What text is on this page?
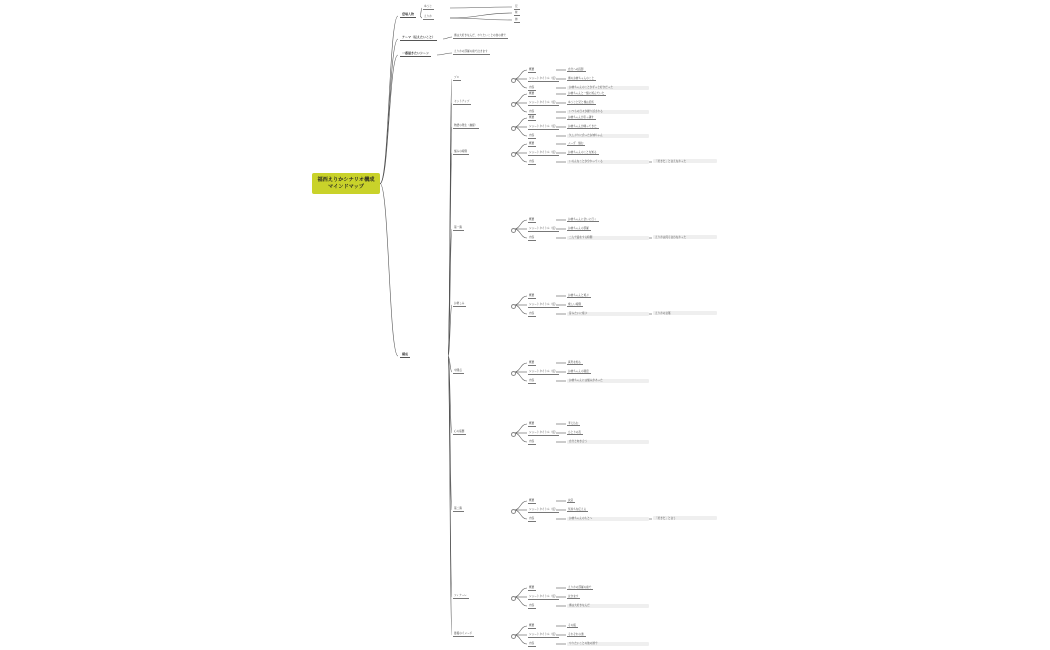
福西えりかシナリオ構成マインドマップ
登場人物
テーマ（伝えたいこと）
一番描きたいシーン
構成
ゆうじ
えりか
兄
妹
姉
僕は大好きなんだ、やりたいことの他の道で
えりかの部屋の前で泣きます
プロ
-
概要	自分への投影
ショートタイトル（仮）	僕のお姉ちゃんのこと
内容	お姉ちゃんのことがずっと好きだった
セットアップ
-
概要	お姉ちゃんと一緒に遊んでいた
ショートタイトル（仮）	ゆうじと兄と僕は近所
内容	いつもの日々が繰り返される
物語の発生（触媒）
-
概要	お姉ちゃんが引っ越す
ショートタイトル（仮）	お姉ちゃんが帰ってきた
内容	久しぶりに会ったお姉ちゃん
悩みの時間
-
概要	ムーヴ　悩む
ショートタイトル（仮）	お姉ちゃんのことを知る
内容	いろんなことが分かってくる	「好きだ」と言えなかった
第一幕
-
概要	お姉ちゃんに会いに行く
ショートタイトル（仮）	お姉ちゃんの部屋
内容	二人で話をする時間	えりかは何も言わなかった
お楽しみ
-
概要	お姉ちゃんと遊ぶ
ショートタイトル（仮）	楽しい時間
内容	昔みたいに遊ぶ	えりかの言葉
中間点
-
概要	真実を知る
ショートタイトル（仮）	お姉ちゃんの秘密
内容	お姉ちゃんには悩みがあった
心の暗闇
-
概要	考え込む
ショートタイトル（仮）	ひとりの夜
内容	自分と向き合う
第二幕
-
概要	決意
ショートタイトル（仮）	気持ちを伝える
内容	お姉ちゃんのもとへ	「好きだ」と言う
フィナーレ
-
概要	えりかの部屋の前で
ショートタイトル（仮）	泣きます
内容	僕は大好きなんだ
最後のイメージ
-
概要	その後
ショートタイトル（仮）	それぞれの道
内容	やりたいことの他の道で
